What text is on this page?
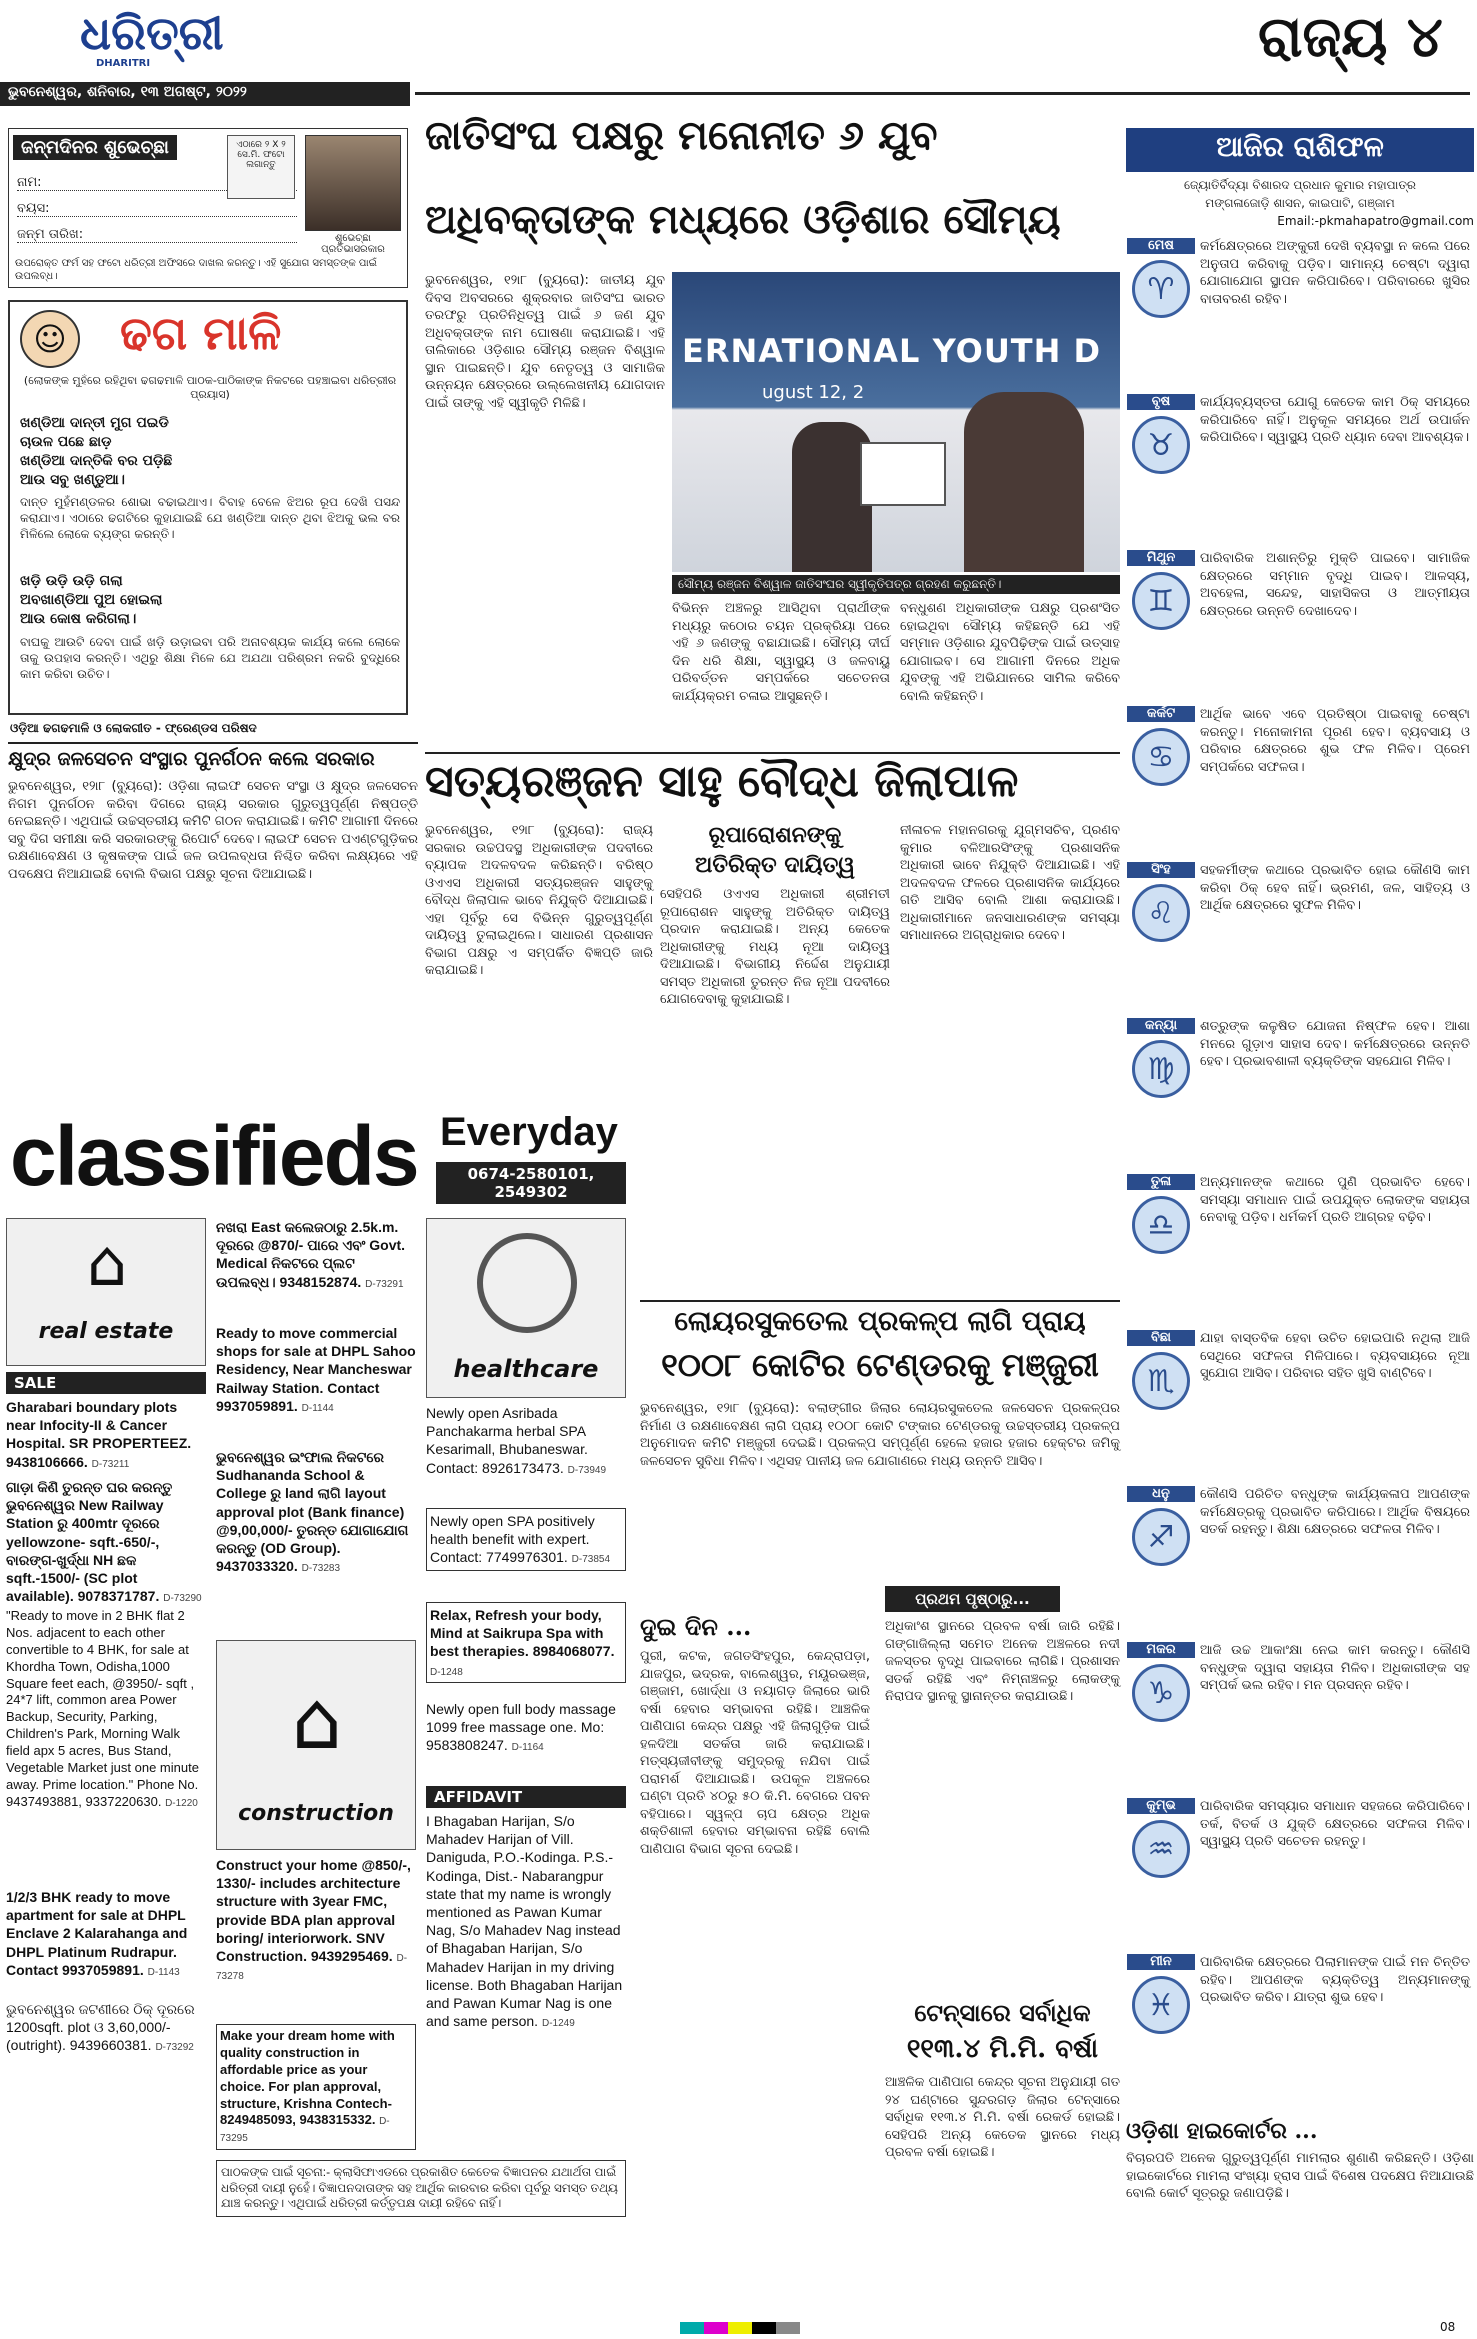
ଧରିତ୍ରୀ
DHARITRI	ରାଜ୍ୟ ୪
ଭୁବନେଶ୍ୱର, ଶନିବାର, ୧୩ ଅଗଷ୍ଟ, ୨୦୨୨
ଜନ୍ମଦିନର ଶୁଭେଚ୍ଛା
ନାମ:
ବୟସ:
ଜନ୍ମ ତାରିଖ:
ଏଠାରେ ୨ X ୨ ସେ.ମି. ଫଟୋ ଲଗାନ୍ତୁ
ଶୁଭେଚ୍ଛା ପ୍ରତିଭାସରକାର
ଉପରୋକ୍ତ ଫର୍ମ ସହ ଫଟୋ ଧରିତ୍ରୀ ଅଫିସରେ ଦାଖଲ କରନ୍ତୁ। ଏହି ସୁଯୋଗ ସମସ୍ତଙ୍କ ପାଇଁ ଉପଲବ୍ଧ।
☺ ଢଗ ମାଳି
(ଲୋକଙ୍କ ମୁହଁରେ ରହିଥିବା ଢଗଢମାଳି ପାଠକ-ପାଠିକାଙ୍କ ନିକଟରେ ପହଞ୍ଚାଇବା ଧରିତ୍ରୀର ପ୍ରୟାସ)
ଖଣ୍ଡିଆ ଦାନ୍ତୀ ମୁଗ ପଇଡି
ଚାଉଳ ପଛେ ଛାଡ଼
ଖଣ୍ଡିଆ ଦାନ୍ତିକି ବର ପଡ଼ିଛି
ଆଉ ସବୁ ଖଣ୍ଡୁଆ।

ଦାନ୍ତ ମୁହଁମଣ୍ଡଳର ଶୋଭା ବଢାଇଥାଏ। ବିବାହ ବେଳେ ଝିଅର ରୂପ ଦେଖି ପସନ୍ଦ କରାଯାଏ। ଏଠାରେ ଢଗଟିରେ କୁହାଯାଇଛି ଯେ ଖଣ୍ଡିଆ ଦାନ୍ତ ଥିବା ଝିଅକୁ ଭଲ ବର ମିଳିଲେ ଲୋକେ ବ୍ୟଙ୍ଗ କରନ୍ତି।

ଖଡ଼ି ଉଡ଼ି ଉଡ଼ି ଗଲା
ଅବଖାଣ୍ଡିଆ ପୁଅ ହୋଇଲା
ଆଉ କୋଷ କରିଗଲା।

ବାଘକୁ ଆଉଟି ଦେବା ପାଇଁ ଖଡ଼ି ଉଡ଼ାଇବା ପରି ଅନାବଶ୍ୟକ କାର୍ଯ୍ୟ କଲେ ଲୋକେ ତାକୁ ଉପହାସ କରନ୍ତି। ଏଥିରୁ ଶିକ୍ଷା ମିଳେ ଯେ ଅଯଥା ପରିଶ୍ରମ ନକରି ବୁଦ୍ଧିରେ କାମ କରିବା ଉଚିତ।

ଓଡ଼ିଆ ଢଗଢମାଳି ଓ ଲୋକଗୀତ - ଫ୍ରେଣ୍ଡସ ପରିଷଦ
କ୍ଷୁଦ୍ର ଜଳସେଚନ ସଂସ୍ଥାର ପୁନର୍ଗଠନ କଲେ ସରକାର

ଭୁବନେଶ୍ୱର, ୧୨ା୮ (ବ୍ୟୁରୋ): ଓଡ଼ିଶା ଲାଇଫ ସେଚନ ସଂସ୍ଥା ଓ କ୍ଷୁଦ୍ର ଜଳସେଚନ ନିଗମ ପୁନର୍ଗଠନ କରିବା ଦିଗରେ ରାଜ୍ୟ ସରକାର ଗୁରୁତ୍ୱପୂର୍ଣ୍ଣ ନିଷ୍ପତ୍ତି ନେଇଛନ୍ତି। ଏଥିପାଇଁ ଉଚ୍ଚସ୍ତରୀୟ କମିଟି ଗଠନ କରାଯାଇଛି। କମିଟି ଆଗାମୀ ଦିନରେ ସବୁ ଦିଗ ସମୀକ୍ଷା କରି ସରକାରଙ୍କୁ ରିପୋର୍ଟ ଦେବେ। ଲାଇଫ ସେଚନ ପଏଣ୍ଟଗୁଡ଼ିକର ରକ୍ଷଣାବେକ୍ଷଣ ଓ କୃଷକଙ୍କ ପାଇଁ ଜଳ ଉପଲବ୍ଧତା ନିଶ୍ଚିତ କରିବା ଲକ୍ଷ୍ୟରେ ଏହି ପଦକ୍ଷେପ ନିଆଯାଇଛି ବୋଲି ବିଭାଗ ପକ୍ଷରୁ ସୂଚନା ଦିଆଯାଇଛି।

ଜାତିସଂଘ ପକ୍ଷରୁ ମନୋନୀତ ୬ ଯୁବ
ଅଧିବକ୍ତାଙ୍କ ମଧ୍ୟରେ ଓଡ଼ିଶାର ସୌମ୍ୟ

ଭୁବନେଶ୍ୱର, ୧୨ା୮ (ବ୍ୟୁରୋ): ଜାତୀୟ ଯୁବ ଦିବସ ଅବସରରେ ଶୁକ୍ରବାର ଜାତିସଂଘ ଭାରତ ତରଫରୁ ପ୍ରତିନିଧିତ୍ୱ ପାଇଁ ୬ ଜଣ ଯୁବ ଅଧିବକ୍ତାଙ୍କ ନାମ ଘୋଷଣା କରାଯାଇଛି। ଏହି ତାଲିକାରେ ଓଡ଼ିଶାର ସୌମ୍ୟ ରଞ୍ଜନ ବିଶ୍ୱାଳ ସ୍ଥାନ ପାଇଛନ୍ତି। ଯୁବ ନେତୃତ୍ୱ ଓ ସାମାଜିକ ଉନ୍ନୟନ କ୍ଷେତ୍ରରେ ଉଲ୍ଲେଖନୀୟ ଯୋଗଦାନ ପାଇଁ ତାଙ୍କୁ ଏହି ସ୍ୱୀକୃତି ମିଳିଛି।

ERNATIONAL YOUTH D
ugust 12, 2
ସୌମ୍ୟ ରଞ୍ଜନ ବିଶ୍ୱାଳ ଜାତିସଂଘର ସ୍ୱୀକୃତିପତ୍ର ଗ୍ରହଣ କରୁଛନ୍ତି।

ବିଭିନ୍ନ ଅଞ୍ଚଳରୁ ଆସିଥିବା ପ୍ରାର୍ଥୀଙ୍କ ମଧ୍ୟରୁ କଠୋର ଚୟନ ପ୍ରକ୍ରିୟା ପରେ ଏହି ୬ ଜଣଙ୍କୁ ବଛାଯାଇଛି। ସୌମ୍ୟ ଦୀର୍ଘ ଦିନ ଧରି ଶିକ୍ଷା, ସ୍ୱାସ୍ଥ୍ୟ ଓ ଜଳବାୟୁ ପରିବର୍ତ୍ତନ ସମ୍ପର୍କରେ ସଚେତନତା କାର୍ଯ୍ୟକ୍ରମ ଚଳାଇ ଆସୁଛନ୍ତି।

ବନ୍ଧୁଶଣ ଅଧିକାରୀଙ୍କ ପକ୍ଷରୁ ପ୍ରଶଂସିତ ହୋଇଥିବା ସୌମ୍ୟ କହିଛନ୍ତି ଯେ ଏହି ସମ୍ମାନ ଓଡ଼ିଶାର ଯୁବପିଢ଼ିଙ୍କ ପାଇଁ ଉତ୍ସାହ ଯୋଗାଇବ। ସେ ଆଗାମୀ ଦିନରେ ଅଧିକ ଯୁବଙ୍କୁ ଏହି ଅଭିଯାନରେ ସାମିଲ କରିବେ ବୋଲି କହିଛନ୍ତି।

ସତ୍ୟରଞ୍ଜନ ସାହୁ ବୌଦ୍ଧ ଜିଲାପାଳ

ଭୁବନେଶ୍ୱର, ୧୨ା୮ (ବ୍ୟୁରୋ): ରାଜ୍ୟ ସରକାର ଉଚ୍ଚପଦସ୍ଥ ଅଧିକାରୀଙ୍କ ପଦବୀରେ ବ୍ୟାପକ ଅଦଳବଦଳ କରିଛନ୍ତି। ବରିଷ୍ଠ ଓଏଏସ ଅଧିକାରୀ ସତ୍ୟରଞ୍ଜନ ସାହୁଙ୍କୁ ବୌଦ୍ଧ ଜିଲାପାଳ ଭାବେ ନିଯୁକ୍ତି ଦିଆଯାଇଛି। ଏହା ପୂର୍ବରୁ ସେ ବିଭିନ୍ନ ଗୁରୁତ୍ୱପୂର୍ଣ୍ଣ ଦାୟିତ୍ୱ ତୁଲାଇଥିଲେ। ସାଧାରଣ ପ୍ରଶାସନ ବିଭାଗ ପକ୍ଷରୁ ଏ ସମ୍ପର୍କିତ ବିଜ୍ଞପ୍ତି ଜାରି କରାଯାଇଛି।

ରୂପାରୋଶନଙ୍କୁ
ଅତିରିକ୍ତ ଦାୟିତ୍ୱ

ସେହିପରି ଓଏଏସ ଅଧିକାରୀ ଶ୍ରୀମତୀ ରୂପାରୋଶନ ସାହୁଙ୍କୁ ଅତିରିକ୍ତ ଦାୟିତ୍ୱ ପ୍ରଦାନ କରାଯାଇଛି। ଅନ୍ୟ କେତେକ ଅଧିକାରୀଙ୍କୁ ମଧ୍ୟ ନୂଆ ଦାୟିତ୍ୱ ଦିଆଯାଇଛି। ବିଭାଗୀୟ ନିର୍ଦ୍ଦେଶ ଅନୁଯାୟୀ ସମସ୍ତ ଅଧିକାରୀ ତୁରନ୍ତ ନିଜ ନୂଆ ପଦବୀରେ ଯୋଗଦେବାକୁ କୁହାଯାଇଛି।

ନୀଳାଚଳ ମହାନଗରକୁ ଯୁଗ୍ମସଚିବ, ପ୍ରଣବ କୁମାର ବଳିଆରସିଂଙ୍କୁ ପ୍ରଶାସନିକ ଅଧିକାରୀ ଭାବେ ନିଯୁକ୍ତି ଦିଆଯାଇଛି। ଏହି ଅଦଳବଦଳ ଫଳରେ ପ୍ରଶାସନିକ କାର୍ଯ୍ୟରେ ଗତି ଆସିବ ବୋଲି ଆଶା କରାଯାଉଛି। ଅଧିକାରୀମାନେ ଜନସାଧାରଣଙ୍କ ସମସ୍ୟା ସମାଧାନରେ ଅଗ୍ରାଧିକାର ଦେବେ।

ଲୋୟରସୁକତେଲ ପ୍ରକଳ୍ପ ଲାଗି ପ୍ରାୟ
୧୦୦୮ କୋଟିର ଟେଣ୍ଡରକୁ ମଞ୍ଜୁରୀ

ଭୁବନେଶ୍ୱର, ୧୨ା୮ (ବ୍ୟୁରୋ): ବଲାଙ୍ଗୀର ଜିଲାର ଲୋୟରସୁକତେଲ ଜଳସେଚନ ପ୍ରକଳ୍ପର ନିର୍ମାଣ ଓ ରକ୍ଷଣାବେକ୍ଷଣ ଲାଗି ପ୍ରାୟ ୧୦୦୮ କୋଟି ଟଙ୍କାର ଟେଣ୍ଡରକୁ ଉଚ୍ଚସ୍ତରୀୟ ପ୍ରକଳ୍ପ ଅନୁମୋଦନ କମିଟି ମଞ୍ଜୁରୀ ଦେଇଛି। ପ୍ରକଳ୍ପ ସମ୍ପୂର୍ଣ୍ଣ ହେଲେ ହଜାର ହଜାର ହେକ୍ଟର ଜମିକୁ ଜଳସେଚନ ସୁବିଧା ମିଳିବ। ଏଥିସହ ପାନୀୟ ଜଳ ଯୋଗାଣରେ ମଧ୍ୟ ଉନ୍ନତି ଆସିବ।

ପ୍ରଥମ ପୃଷ୍ଠାରୁ...

ଅଧିକାଂଶ ସ୍ଥାନରେ ପ୍ରବଳ ବର୍ଷା ଜାରି ରହିଛି। ଗଙ୍ଗାଜିଲ୍ଲା ସମେତ ଅନେକ ଅଞ୍ଚଳରେ ନଦୀ ଜଳସ୍ତର ବୃଦ୍ଧି ପାଇବାରେ ଲାଗିଛି। ପ୍ରଶାସନ ସତର୍କ ରହିଛି ଏବଂ ନିମ୍ନାଞ୍ଚଳରୁ ଲୋକଙ୍କୁ ନିରାପଦ ସ୍ଥାନକୁ ସ୍ଥାନାନ୍ତର କରାଯାଉଛି।

ଦୁଇ ଦିନ ...

ପୁରୀ, କଟକ, ଜଗତସିଂହପୁର, କେନ୍ଦ୍ରାପଡ଼ା, ଯାଜପୁର, ଭଦ୍ରକ, ବାଲେଶ୍ୱର, ମୟୂରଭଞ୍ଜ, ଗଞ୍ଜାମ, ଖୋର୍ଦ୍ଧା ଓ ନୟାଗଡ଼ ଜିଲାରେ ଭାରି ବର୍ଷା ହେବାର ସମ୍ଭାବନା ରହିଛି। ଆଞ୍ଚଳିକ ପାଣିପାଗ କେନ୍ଦ୍ର ପକ୍ଷରୁ ଏହି ଜିଲାଗୁଡ଼ିକ ପାଇଁ ହଳଦିଆ ସତର୍କତା ଜାରି କରାଯାଇଛି। ମତ୍ସ୍ୟଜୀବୀଙ୍କୁ ସମୁଦ୍ରକୁ ନଯିବା ପାଇଁ ପରାମର୍ଶ ଦିଆଯାଇଛି। ଉପକୂଳ ଅଞ୍ଚଳରେ ଘଣ୍ଟା ପ୍ରତି ୪୦ରୁ ୫୦ କି.ମି. ବେଗରେ ପବନ ବହିପାରେ। ସ୍ୱଳ୍ପ ଚାପ କ୍ଷେତ୍ର ଅଧିକ ଶକ୍ତିଶାଳୀ ହେବାର ସମ୍ଭାବନା ରହିଛି ବୋଲି ପାଣିପାଗ ବିଭାଗ ସୂଚନା ଦେଇଛି।

ଟେନ୍ସାରେ ସର୍ବାଧିକ
୧୧୩.୪ ମି.ମି. ବର୍ଷା

ଆଞ୍ଚଳିକ ପାଣିପାଗ କେନ୍ଦ୍ର ସୂଚନା ଅନୁଯାୟୀ ଗତ ୨୪ ଘଣ୍ଟାରେ ସୁନ୍ଦରଗଡ଼ ଜିଲାର ଟେନ୍ସାରେ ସର୍ବାଧିକ ୧୧୩.୪ ମି.ମି. ବର୍ଷା ରେକର୍ଡ ହୋଇଛି। ସେହିପରି ଅନ୍ୟ କେତେକ ସ୍ଥାନରେ ମଧ୍ୟ ପ୍ରବଳ ବର୍ଷା ହୋଇଛି।

classifieds Everyday
0674-2580101, 2549302
⌂
real estate
SALE
Gharabari boundary plots near Infocity-II & Cancer Hospital. SR PROPERTEEZ. 9438106666. D-73211
ଗାଡ଼ା କିଣି ତୁରନ୍ତ ଘର କରନ୍ତୁ ଭୁବନେଶ୍ୱର New Railway Station ରୁ 400mtr ଦୂରରେ yellowzone- sqft.-650/-, ବାରଙ୍ଗ-ଖୁର୍ଦ୍ଧା NH ଛକ sqft.-1500/- (SC plot available). 9078371787. D-73290
"Ready to move in 2 BHK flat 2 Nos. adjacent to each other convertible to 4 BHK, for sale at Khordha Town, Odisha,1000 Square feet each, @3950/- sqft , 24*7 lift, common area Power Backup, Security, Parking, Children's Park, Morning Walk field apx 5 acres, Bus Stand, Vegetable Market just one minute away. Prime location." Phone No. 9437493881, 9337220630. D-1220
1/2/3 BHK ready to move apartment for sale at DHPL Enclave 2 Kalarahanga and DHPL Platinum Rudrapur. Contact 9937059891. D-1143
ଭୁବନେଶ୍ୱର ଜଟଣୀରେ ଠିକ୍ ଦୂରରେ 1200sqft. plot ଓ 3,60,000/- (outright). 9439660381. D-73292
ନଖରା East କଲେଜଠାରୁ 2.5k.m. ଦୂରରେ @870/- ପାରେ ଏବଂ Govt. Medical ନିକଟରେ ପ୍ଲଟ ଉପଲବ୍ଧ। 9348152874. D-73291
Ready to move commercial shops for sale at DHPL Sahoo Residency, Near Mancheswar Railway Station. Contact 9937059891. D-1144
ଭୁବନେଶ୍ୱର ଇଂଫାଲ ନିକଟରେ Sudhananda School & College ରୁ land ଲାଗି layout approval plot (Bank finance) @9,00,000/- ତୁରନ୍ତ ଯୋଗାଯୋଗ କରନ୍ତୁ (OD Group). 9437033320. D-73283
⌂
construction
Construct your home @850/-, 1330/- includes architecture structure with 3year FMC, provide BDA plan approval boring/ interiorwork. SNV Construction. 9439295469. D-73278
Make your dream home with quality construction in affordable price as your choice. For plan approval, structure, Krishna Contech- 8249485093, 9438315332. D-73295
healthcare
Newly open Asribada Panchakarma herbal SPA Kesarimall, Bhubaneswar. Contact: 8926173473. D-73949
Newly open SPA positively health benefit with expert. Contact: 7749976301. D-73854
Relax, Refresh your body, Mind at Saikrupa Spa with best therapies. 8984068077. D-1248
Newly open full body massage 1099 free massage one. Mo: 9583808247. D-1164
AFFIDAVIT
I Bhagaban Harijan, S/o Mahadev Harijan of Vill. Daniguda, P.O.-Kodinga. P.S.- Kodinga, Dist.- Nabarangpur state that my name is wrongly mentioned as Pawan Kumar Nag, S/o Mahadev Nag instead of Bhagaban Harijan, S/o Mahadev Harijan in my driving license. Both Bhagaban Harijan and Pawan Kumar Nag is one and same person. D-1249
ପାଠକଙ୍କ ପାଇଁ ସୂଚନା:- କ୍ଲାସିଫାଏଡରେ ପ୍ରକାଶିତ କେତେକ ବିଜ୍ଞାପନର ଯଥାର୍ଥତା ପାଇଁ ଧରିତ୍ରୀ ଦାୟୀ ନୁହେଁ। ବିଜ୍ଞାପନଦାତାଙ୍କ ସହ ଆର୍ଥିକ କାରବାର କରିବା ପୂର୍ବରୁ ସମସ୍ତ ତଥ୍ୟ ଯାଞ୍ଚ କରନ୍ତୁ। ଏଥିପାଇଁ ଧରିତ୍ରୀ କର୍ତ୍ତୃପକ୍ଷ ଦାୟୀ ରହିବେ ନାହିଁ।
ଆଜିର ରାଶିଫଳ
ଜ୍ୟୋତିର୍ବିଦ୍ୟା ବିଶାରଦ ପ୍ରଧାନ କୁମାର ମହାପାତ୍ର
ମଙ୍ଗଳାଜୋଡ଼ି ଶାସନ, କାଇପାଟି, ଗଞ୍ଜାମ
Email:-pkmahapatro@gmail.com
ମେଷ
♈
କର୍ମକ୍ଷେତ୍ରରେ ଅଙ୍କୁରୀ ଦେଖି ବ୍ୟବସ୍ଥା ନ କଲେ ପରେ ଅନୁତାପ କରିବାକୁ ପଡ଼ିବ। ସାମାନ୍ୟ ଚେଷ୍ଟା ଦ୍ୱାରା ଯୋଗାଯୋଗ ସ୍ଥାପନ କରିପାରିବେ। ପରିବାରରେ ଖୁସିର ବାତାବରଣ ରହିବ।
ବୃଷ
♉
କାର୍ଯ୍ୟବ୍ୟସ୍ତତା ଯୋଗୁ କେତେକ କାମ ଠିକ୍ ସମୟରେ କରିପାରିବେ ନାହିଁ। ଅନୁକୂଳ ସମୟରେ ଅର୍ଥ ଉପାର୍ଜନ କରିପାରିବେ। ସ୍ୱାସ୍ଥ୍ୟ ପ୍ରତି ଧ୍ୟାନ ଦେବା ଆବଶ୍ୟକ।
ମିଥୁନ
♊
ପାରିବାରିକ ଅଶାନ୍ତିରୁ ମୁକ୍ତି ପାଇବେ। ସାମାଜିକ କ୍ଷେତ୍ରରେ ସମ୍ମାନ ବୃଦ୍ଧି ପାଇବ। ଆଳସ୍ୟ, ଅବହେଳା, ସନ୍ଦେହ, ସାହାସିକତା ଓ ଆତ୍ମୀୟତା କ୍ଷେତ୍ରରେ ଉନ୍ନତି ଦେଖାଦେବ।
କର୍କଟ
♋
ଆର୍ଥିକ ଭାବେ ଏବେ ପ୍ରତିଷ୍ଠା ପାଇବାକୁ ଚେଷ୍ଟା କରନ୍ତୁ। ମନୋକାମନା ପୂରଣ ହେବ। ବ୍ୟବସାୟ ଓ ପରିବାର କ୍ଷେତ୍ରରେ ଶୁଭ ଫଳ ମିଳିବ। ପ୍ରେମ ସମ୍ପର୍କରେ ସଫଳତା।
ସିଂହ
♌
ସହକର୍ମୀଙ୍କ କଥାରେ ପ୍ରଭାବିତ ହୋଇ କୌଣସି କାମ କରିବା ଠିକ୍ ହେବ ନାହିଁ। ଭ୍ରମଣ, ଜଳ, ସାହିତ୍ୟ ଓ ଆର୍ଥିକ କ୍ଷେତ୍ରରେ ସୁଫଳ ମିଳିବ।
କନ୍ୟା
♍
ଶତ୍ରୁଙ୍କ କଳୁଷିତ ଯୋଜନା ନିଷ୍ଫଳ ହେବ। ଆଶା ମନରେ ଗୁଡ଼ାଏ ସାହାସ ଦେବ। କର୍ମକ୍ଷେତ୍ରରେ ଉନ୍ନତି ହେବ। ପ୍ରଭାବଶାଳୀ ବ୍ୟକ୍ତିଙ୍କ ସହଯୋଗ ମିଳିବ।
ତୁଳା
♎
ଅନ୍ୟମାନଙ୍କ କଥାରେ ପୁଣି ପ୍ରଭାବିତ ହେବେ। ସମସ୍ୟା ସମାଧାନ ପାଇଁ ଉପଯୁକ୍ତ ଲୋକଙ୍କ ସହାୟତା ନେବାକୁ ପଡ଼ିବ। ଧର୍ମକର୍ମ ପ୍ରତି ଆଗ୍ରହ ବଢ଼ିବ।
ବିଛା
♏
ଯାହା ବାସ୍ତବିକ ହେବା ଉଚିତ ହୋଇପାରି ନଥିଲା ଆଜି ସେଥିରେ ସଫଳତା ମିଳିପାରେ। ବ୍ୟବସାୟରେ ନୂଆ ସୁଯୋଗ ଆସିବ। ପରିବାର ସହିତ ଖୁସି ବାଣ୍ଟିବେ।
ଧନୁ
♐
କୌଣସି ପରିଚିତ ବନ୍ଧୁଙ୍କ କାର୍ଯ୍ୟକଳାପ ଆପଣଙ୍କ କର୍ମକ୍ଷେତ୍ରକୁ ପ୍ରଭାବିତ କରିପାରେ। ଆର୍ଥିକ ବିଷୟରେ ସତର୍କ ରହନ୍ତୁ। ଶିକ୍ଷା କ୍ଷେତ୍ରରେ ସଫଳତା ମିଳିବ।
ମକର
♑
ଆଜି ଉଚ୍ଚ ଆକାଂକ୍ଷା ନେଇ କାମ କରନ୍ତୁ। କୌଣସି ବନ୍ଧୁଙ୍କ ଦ୍ୱାରା ସହାୟତା ମିଳିବ। ଅଧିକାରୀଙ୍କ ସହ ସମ୍ପର୍କ ଭଲ ରହିବ। ମନ ପ୍ରସନ୍ନ ରହିବ।
କୁମ୍ଭ
♒
ପାରିବାରିକ ସମସ୍ୟାର ସମାଧାନ ସହଜରେ କରିପାରିବେ। ତର୍କ, ବିତର୍କ ଓ ଯୁକ୍ତି କ୍ଷେତ୍ରରେ ସଫଳତା ମିଳିବ। ସ୍ୱାସ୍ଥ୍ୟ ପ୍ରତି ସଚେତନ ରହନ୍ତୁ।
ମୀନ
♓
ପାରିବାରିକ କ୍ଷେତ୍ରରେ ପିଲାମାନଙ୍କ ପାଇଁ ମନ ଚିନ୍ତିତ ରହିବ। ଆପଣଙ୍କ ବ୍ୟକ୍ତିତ୍ୱ ଅନ୍ୟମାନଙ୍କୁ ପ୍ରଭାବିତ କରିବ। ଯାତ୍ରା ଶୁଭ ହେବ।
ଓଡ଼ିଶା ହାଇକୋର୍ଟର ...

ବିଚାରପତି ଅନେକ ଗୁରୁତ୍ୱପୂର୍ଣ୍ଣ ମାମଲାର ଶୁଣାଣି କରିଛନ୍ତି। ଓଡ଼ିଶା ହାଇକୋର୍ଟରେ ମାମଲା ସଂଖ୍ୟା ହ୍ରାସ ପାଇଁ ବିଶେଷ ପଦକ୍ଷେପ ନିଆଯାଉଛି ବୋଲି କୋର୍ଟ ସୂତ୍ରରୁ ଜଣାପଡ଼ିଛି।

08
